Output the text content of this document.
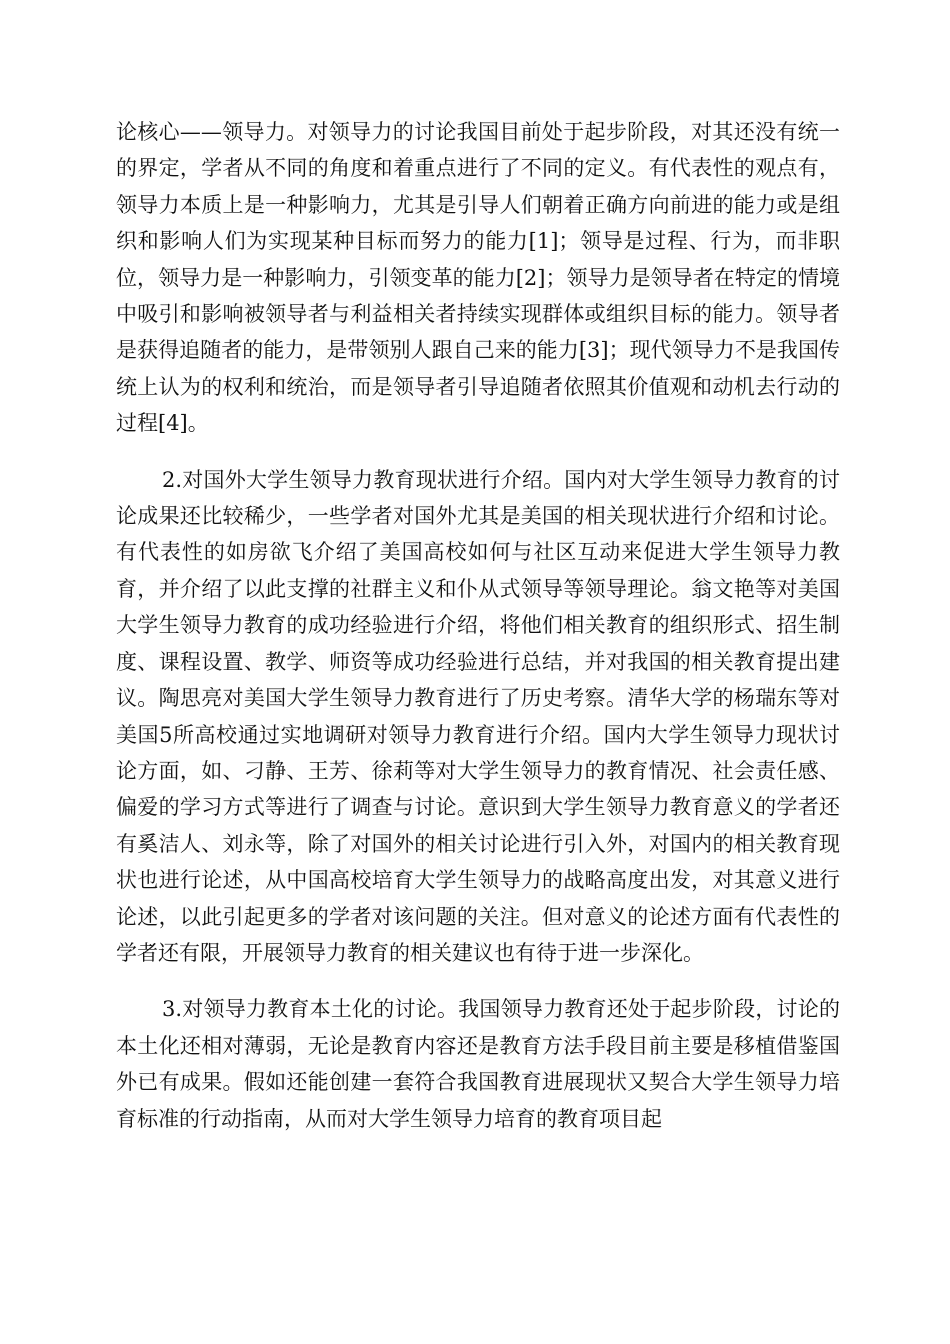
论核心——领导力。对领导力的讨论我国目前处于起步阶段，对其还没有统一的界定，学者从不同的角度和着重点进行了不同的定义。有代表性的观点有，领导力本质上是一种影响力，尤其是引导人们朝着正确方向前进的能力或是组织和影响人们为实现某种目标而努力的能力[1]；领导是过程、行为，而非职位，领导力是一种影响力，引领变革的能力[2]；领导力是领导者在特定的情境中吸引和影响被领导者与利益相关者持续实现群体或组织目标的能力。领导者是获得追随者的能力，是带领别人跟自己来的能力[3]；现代领导力不是我国传统上认为的权利和统治，而是领导者引导追随者依照其价值观和动机去行动的过程[4]。

2.对国外大学生领导力教育现状进行介绍。国内对大学生领导力教育的讨论成果还比较稀少，一些学者对国外尤其是美国的相关现状进行介绍和讨论。有代表性的如房欲飞介绍了美国高校如何与社区互动来促进大学生领导力教育，并介绍了以此支撑的社群主义和仆从式领导等领导理论。翁文艳等对美国大学生领导力教育的成功经验进行介绍，将他们相关教育的组织形式、招生制度、课程设置、教学、师资等成功经验进行总结，并对我国的相关教育提出建议。陶思亮对美国大学生领导力教育进行了历史考察。清华大学的杨瑞东等对美国5所高校通过实地调研对领导力教育进行介绍。国内大学生领导力现状讨论方面，如、刁静、王芳、徐莉等对大学生领导力的教育情况、社会责任感、偏爱的学习方式等进行了调查与讨论。意识到大学生领导力教育意义的学者还有奚洁人、刘永等，除了对国外的相关讨论进行引入外，对国内的相关教育现状也进行论述，从中国高校培育大学生领导力的战略高度出发，对其意义进行论述，以此引起更多的学者对该问题的关注。但对意义的论述方面有代表性的学者还有限，开展领导力教育的相关建议也有待于进一步深化。

3.对领导力教育本土化的讨论。我国领导力教育还处于起步阶段，讨论的本土化还相对薄弱，无论是教育内容还是教育方法手段目前主要是移植借鉴国外已有成果。假如还能创建一套符合我国教育进展现状又契合大学生领导力培育标准的行动指南，从而对大学生领导力培育的教育项目起
